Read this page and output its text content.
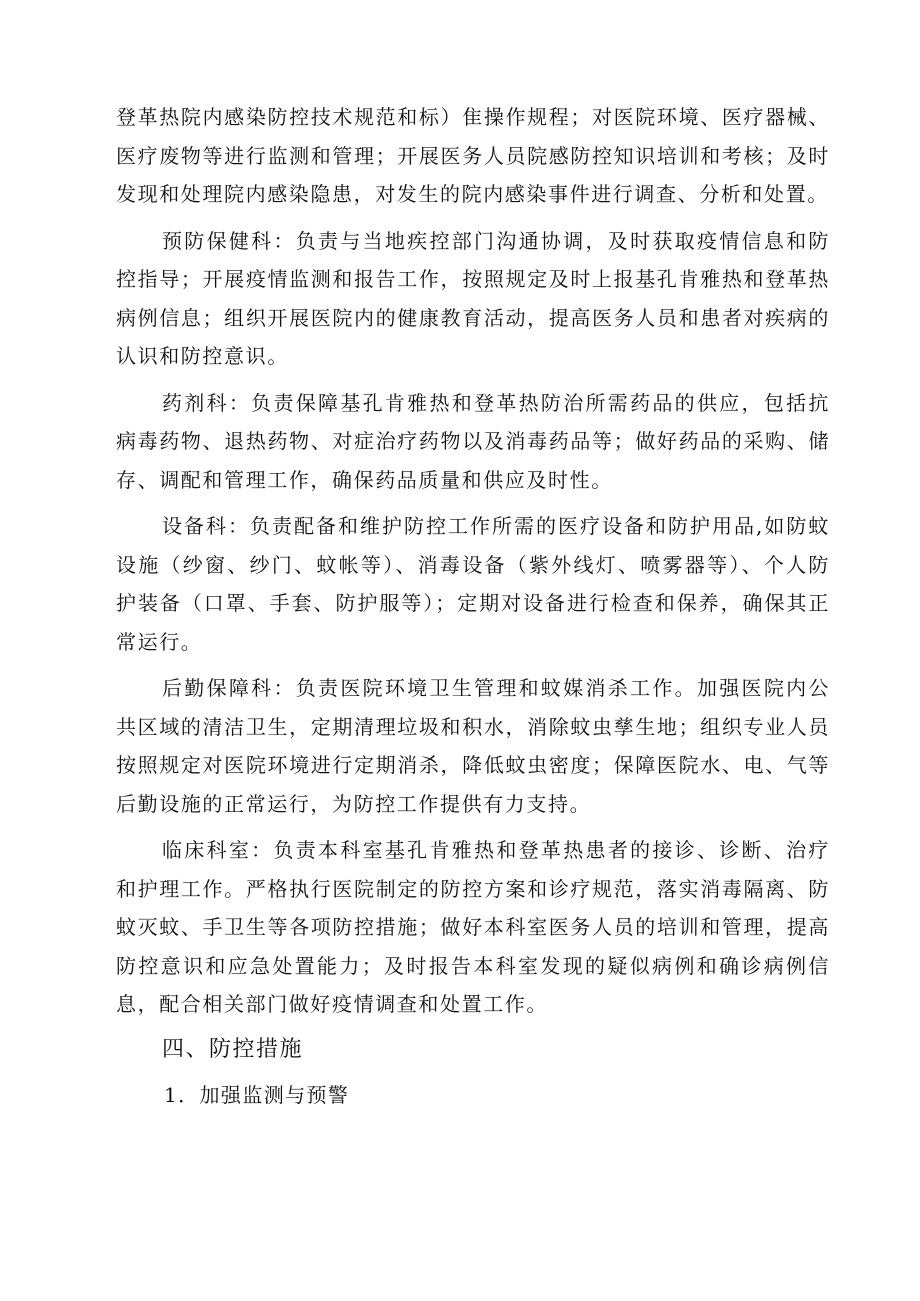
登革热院内感染防控技术规范和标）隹操作规程；对医院环境、医疗器械、医疗废物等进行监测和管理；开展医务人员院感防控知识培训和考核；及时发现和处理院内感染隐患，对发生的院内感染事件进行调查、分析和处置。

预防保健科：负责与当地疾控部门沟通协调，及时获取疫情信息和防控指导；开展疫情监测和报告工作，按照规定及时上报基孔肯雅热和登革热病例信息；组织开展医院内的健康教育活动，提高医务人员和患者对疾病的认识和防控意识。

药剂科：负责保障基孔肯雅热和登革热防治所需药品的供应，包括抗病毒药物、退热药物、对症治疗药物以及消毒药品等；做好药品的采购、储存、调配和管理工作，确保药品质量和供应及时性。

设备科：负责配备和维护防控工作所需的医疗设备和防护用品,如防蚊设施（纱窗、纱门、蚊帐等）、消毒设备（紫外线灯、喷雾器等）、个人防护装备（口罩、手套、防护服等）；定期对设备进行检查和保养，确保其正常运行。

后勤保障科：负责医院环境卫生管理和蚊媒消杀工作。加强医院内公共区域的清洁卫生，定期清理垃圾和积水，消除蚊虫孳生地；组织专业人员按照规定对医院环境进行定期消杀，降低蚊虫密度；保障医院水、电、气等后勤设施的正常运行，为防控工作提供有力支持。

临床科室：负责本科室基孔肯雅热和登革热患者的接诊、诊断、治疗和护理工作。严格执行医院制定的防控方案和诊疗规范，落实消毒隔离、防蚊灭蚊、手卫生等各项防控措施；做好本科室医务人员的培训和管理，提高防控意识和应急处置能力；及时报告本科室发现的疑似病例和确诊病例信息，配合相关部门做好疫情调查和处置工作。

四、防控措施
1．加强监测与预警
